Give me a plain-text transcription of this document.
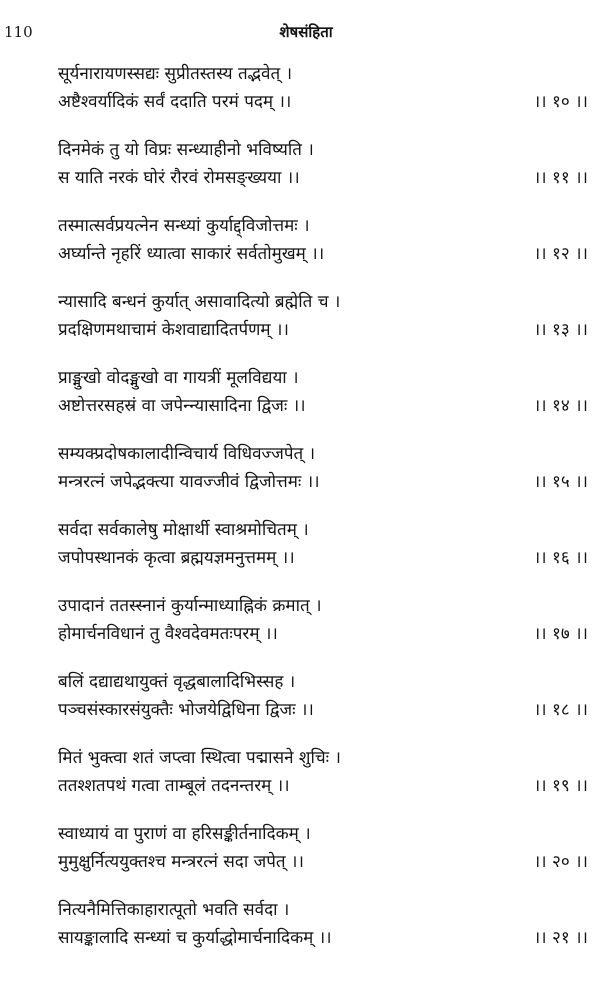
110	शेषसंहिता
सूर्यनारायणस्सद्यः सुप्रीतस्तस्य तद्भवेत् ।
अष्टैश्वर्यादिकं सर्वं ददाति परमं पदम् ।।	।। १० ।।
दिनमेकं तु यो विप्रः सन्ध्याहीनो भविष्यति ।
स याति नरकं घोरं रौरवं रोमसङ्ख्यया ।।	।। ११ ।।
तस्मात्सर्वप्रयत्नेन सन्ध्यां कुर्याद्द्विजोत्तमः ।
अर्घ्यान्ते नृहरिं ध्यात्वा साकारं सर्वतोमुखम् ।।	।। १२ ।।
न्यासादि बन्धनं कुर्यात् असावादित्यो ब्रह्मेति च ।
प्रदक्षिणमथाचामं केशवाद्यादितर्पणम् ।।	।। १३ ।।
प्राङ्मुखो वोदङ्मुखो वा गायत्रीं मूलविद्यया ।
अष्टोत्तरसहस्रं वा जपेन्न्यासादिना द्विजः ।।	।। १४ ।।
सम्यक्प्रदोषकालादीन्विचार्य विधिवज्जपेत् ।
मन्त्ररत्नं जपेद्भक्त्या यावज्जीवं द्विजोत्तमः ।।	।। १५ ।।
सर्वदा सर्वकालेषु मोक्षार्थी स्वाश्रमोचितम् ।
जपोपस्थानकं कृत्वा ब्रह्मयज्ञमनुत्तमम् ।।	।। १६ ।।
उपादानं ततस्स्नानं कुर्यान्माध्याह्निकं क्रमात् ।
होमार्चनविधानं तु वैश्वदेवमतःपरम् ।।	।। १७ ।।
बलिं दद्याद्यथायुक्तं वृद्धबालादिभिस्सह ।
पञ्चसंस्कारसंयुक्तैः भोजयेद्विधिना द्विजः ।।	।। १८ ।।
मितं भुक्त्वा शतं जप्त्वा स्थित्वा पद्मासने शुचिः ।
ततश्शतपथं गत्वा ताम्बूलं तदनन्तरम् ।।	।। १९ ।।
स्वाध्यायं वा पुराणं वा हरिसङ्कीर्तनादिकम् ।
मुमुक्षुर्नित्ययुक्तश्च मन्त्ररत्नं सदा जपेत् ।।	।। २० ।।
नित्यनैमित्तिकाहारात्पूतो भवति सर्वदा ।
सायङ्कालादि सन्ध्यां च कुर्याद्धोमार्चनादिकम् ।।	।। २१ ।।
